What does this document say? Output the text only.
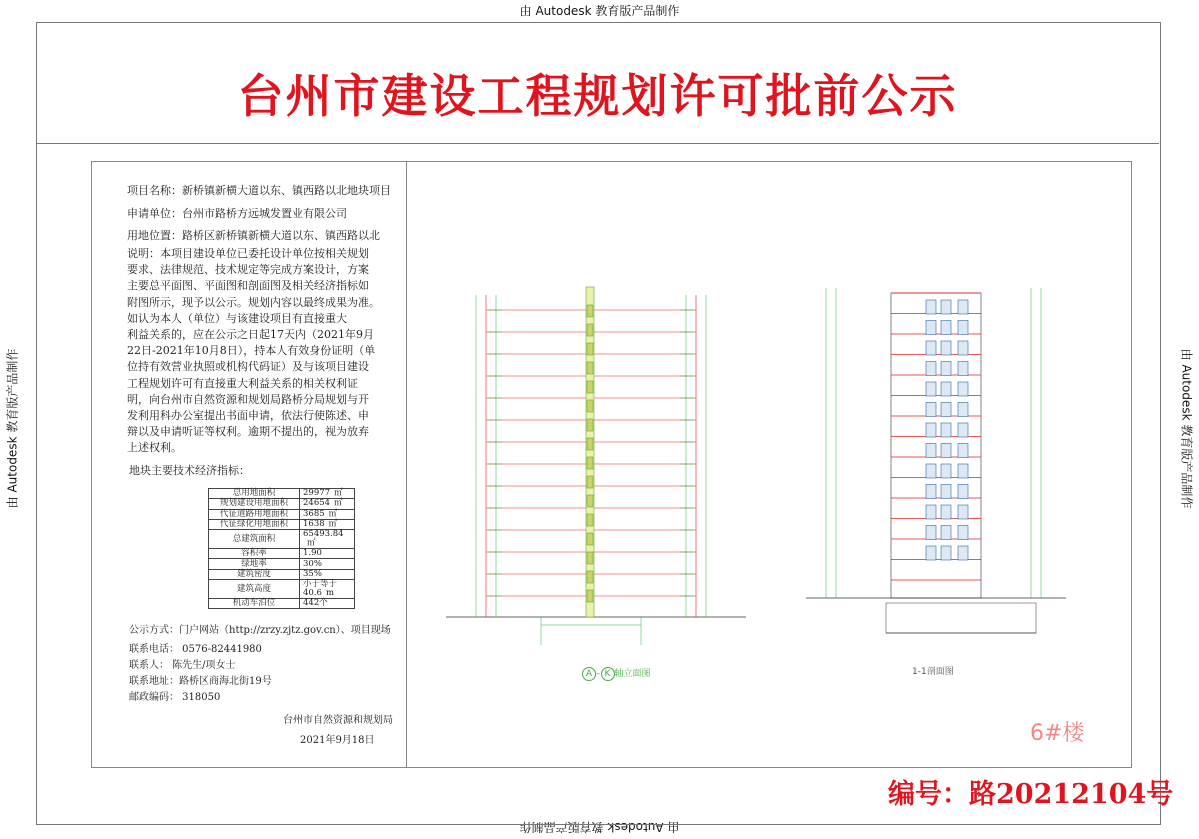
由 Autodesk 教育版产品制作
由 Autodesk 教育版产品制作
由 Autodesk 教育版产品制作	由 Autodesk 教育版产品制作
台州市建设工程规划许可批前公示
项目名称：新桥镇新横大道以东、镇西路以北地块项目
申请单位：台州市路桥方远城发置业有限公司
用地位置：路桥区新桥镇新横大道以东、镇西路以北
说明：本项目建设单位已委托设计单位按相关规划
要求、法律规范、技术规定等完成方案设计，方案
主要总平面图、平面图和剖面图及相关经济指标如
附图所示，现予以公示。规划内容以最终成果为准。
如认为本人（单位）与该建设项目有直接重大
利益关系的，应在公示之日起17天内（2021年9月
22日-2021年10月8日），持本人有效身份证明（单
位持有效营业执照或机构代码证）及与该项目建设
工程规划许可有直接重大利益关系的相关权利证
明，向台州市自然资源和规划局路桥分局规划与开
发利用科办公室提出书面申请，依法行使陈述、申
辩以及申请听证等权利。逾期不提出的，视为放弃
上述权利。
地块主要技术经济指标：
总用地面积	29977 ㎡
规划建设用地面积	24654 ㎡
代征道路用地面积	3685 ㎡
代征绿化用地面积	1638 ㎡
总建筑面积	65493.84㎡
容积率	1.90
绿地率	30%
建筑密度	35%
建筑高度	小于等于40.6 m
机动车泊位	442个
公示方式：门户网站（http://zrzy.zjtz.gov.cn）、项目现场
联系电话： 0576-82441980
联系人： 陈先生/项女士
联系地址：路桥区商海北街19号
邮政编码： 318050
台州市自然资源和规划局
2021年9月18日
A – K 轴立面图	1-1剖面图
6#楼
编号：路20212104号
